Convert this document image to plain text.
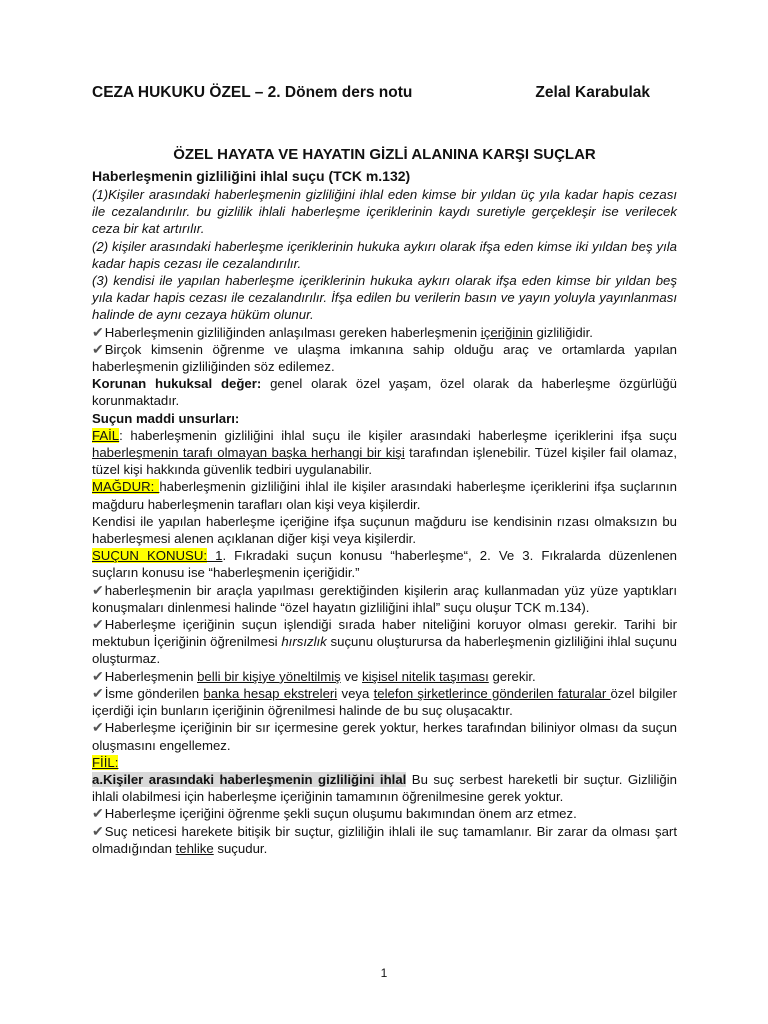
CEZA HUKUKU ÖZEL – 2. Dönem ders notu	Zelal Karabulak
ÖZEL HAYATA VE HAYATIN GİZLİ ALANINA KARŞI SUÇLAR
Haberleşmenin gizliliğini ihlal suçu (TCK m.132)

(1)Kişiler arasındaki haberleşmenin gizliliğini ihlal eden kimse bir yıldan üç yıla kadar hapis cezası ile cezalandırılır. bu gizlilik ihlali haberleşme içeriklerinin kaydı suretiyle gerçekleşir ise verilecek ceza bir kat artırılır.

(2) kişiler arasındaki haberleşme içeriklerinin hukuka aykırı olarak ifşa eden kimse iki yıldan beş yıla kadar hapis cezası ile cezalandırılır.

(3) kendisi ile yapılan haberleşme içeriklerinin hukuka aykırı olarak ifşa eden kimse bir yıldan beş yıla kadar hapis cezası ile cezalandırılır. İfşa edilen bu verilerin basın ve yayın yoluyla yayınlanması halinde de aynı cezaya hüküm olunur.

✔Haberleşmenin gizliliğinden anlaşılması gereken haberleşmenin içeriğinin gizliliğidir.

✔Birçok kimsenin öğrenme ve ulaşma imkanına sahip olduğu araç ve ortamlarda yapılan haberleşmenin gizliliğinden söz edilemez.

Korunan hukuksal değer: genel olarak özel yaşam, özel olarak da haberleşme özgürlüğü korunmaktadır.

Suçun maddi unsurları:

FAİL: haberleşmenin gizliliğini ihlal suçu ile kişiler arasındaki haberleşme içeriklerini ifşa suçu haberleşmenin tarafı olmayan başka herhangi bir kişi tarafından işlenebilir. Tüzel kişiler fail olamaz, tüzel kişi hakkında güvenlik tedbiri uygulanabilir.

MAĞDUR: haberleşmenin gizliliğini ihlal ile kişiler arasındaki haberleşme içeriklerini ifşa suçlarının mağduru haberleşmenin tarafları olan kişi veya kişilerdir.

Kendisi ile yapılan haberleşme içeriğine ifşa suçunun mağduru ise kendisinin rızası olmaksızın bu haberleşmesi alenen açıklanan diğer kişi veya kişilerdir.

SUÇUN KONUSU: 1. Fıkradaki suçun konusu “haberleşme“, 2. Ve 3. Fıkralarda düzenlenen suçların konusu ise “haberleşmenin içeriğidir.”

✔haberleşmenin bir araçla yapılması gerektiğinden kişilerin araç kullanmadan yüz yüze yaptıkları konuşmaları dinlenmesi halinde “özel hayatın gizliliğini ihlal” suçu oluşur TCK m.134).

✔Haberleşme içeriğinin suçun işlendiği sırada haber niteliğini koruyor olması gerekir. Tarihi bir mektubun İçeriğinin öğrenilmesi hırsızlık suçunu oluşturursa da haberleşmenin gizliliğini ihlal suçunu oluşturmaz.

✔Haberleşmenin belli bir kişiye yöneltilmiş ve kişisel nitelik taşıması gerekir.

✔İsme gönderilen banka hesap ekstreleri veya telefon şirketlerince gönderilen faturalar özel bilgiler içerdiği için bunların içeriğinin öğrenilmesi halinde de bu suç oluşacaktır.

✔Haberleşme içeriğinin bir sır içermesine gerek yoktur, herkes tarafından biliniyor olması da suçun oluşmasını engellemez.

FİİL:

a.Kişiler arasındaki haberleşmenin gizliliğini ihlal Bu suç serbest hareketli bir suçtur. Gizliliğin ihlali olabilmesi için haberleşme içeriğinin tamamının öğrenilmesine gerek yoktur.

✔Haberleşme içeriğini öğrenme şekli suçun oluşumu bakımından önem arz etmez.

✔Suç neticesi harekete bitişik bir suçtur, gizliliğin ihlali ile suç tamamlanır. Bir zarar da olması şart olmadığından tehlike suçudur.

1
